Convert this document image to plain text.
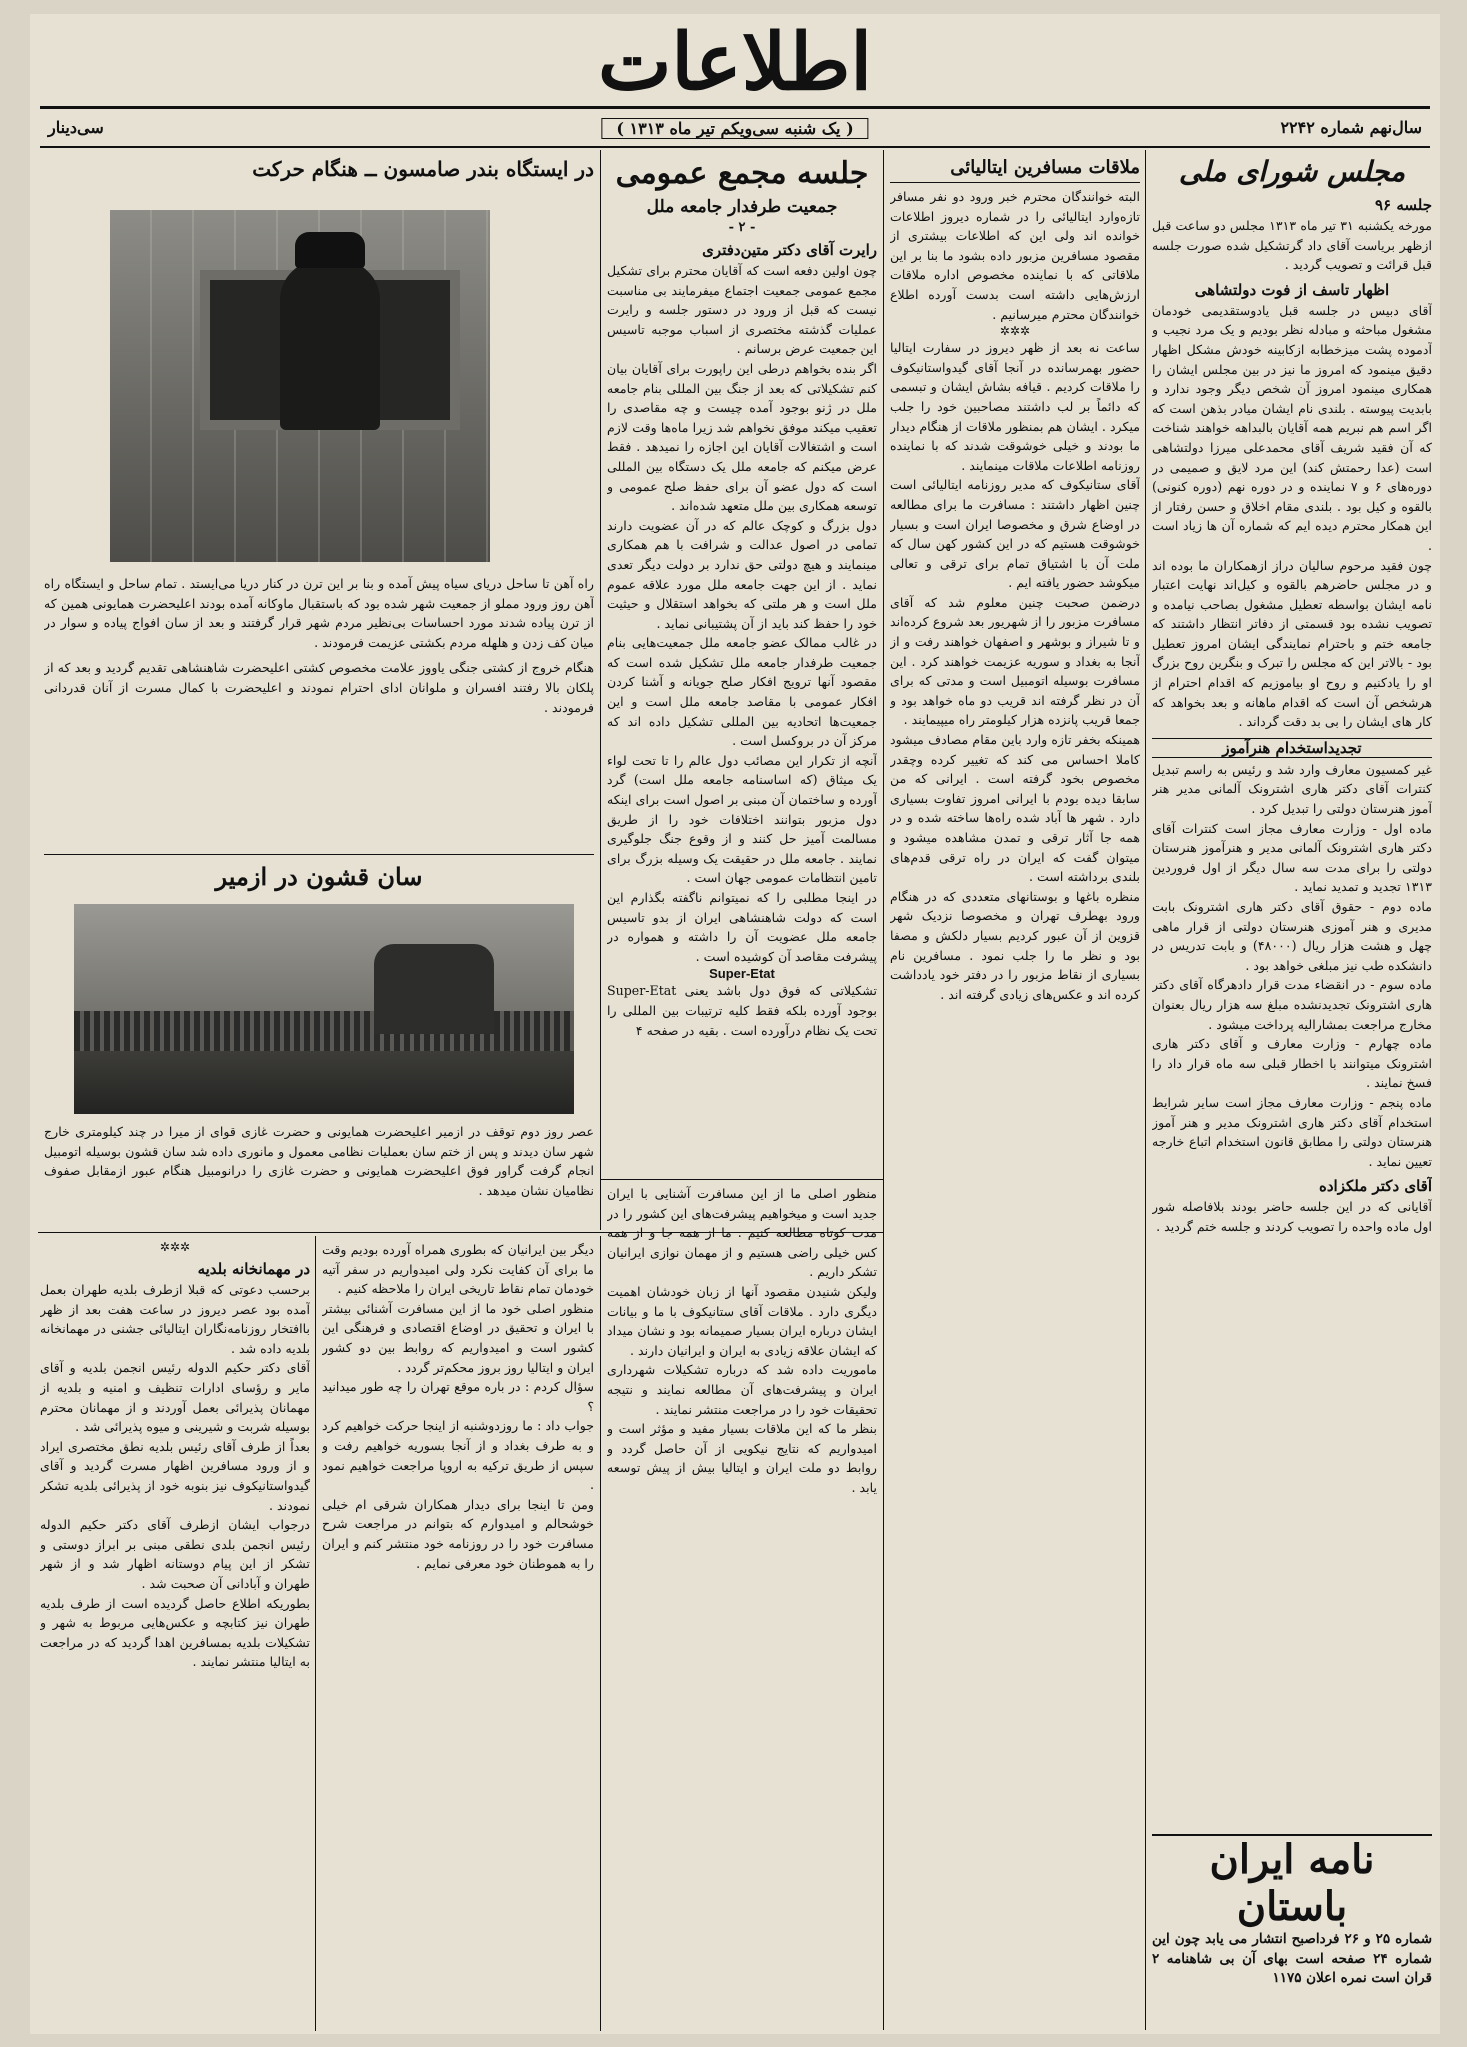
اطلاعات
سال‌نهم شماره ۲۲۴۲
( یک شنبه سی‌ویکم تیر ماه ۱۳۱۳ )
سی‌دینار
مجلس شورای ملی
جلسه ۹۶

مورخه یکشنبه ۳۱ تیر ماه ۱۳۱۳ مجلس دو ساعت قبل ازظهر بریاست آقای داد گرتشکیل شده صورت جلسه قبل قرائت و تصویب گردید .

اظهار تاسف از فوت دولتشاهی

آقای دبیس در جلسه قبل یادوستقدیمی خودمان مشغول مباحثه و مبادله نظر بودیم و یک مرد نجیب و آدموده پشت میزخطابه ازکابینه خودش مشکل اظهار دقیق مینمود که امروز ما نیز در بین مجلس ایشان را همکاری مینمود امروز آن شخص دیگر وجود ندارد و بابدیت پیوسته . بلندی نام ایشان میادر بذهن است که اگر اسم هم نبریم همه آقایان بالبداهه خواهند شناخت که آن فقید شریف آقای محمدعلی میرزا دولتشاهی است (عدا رحمتش کند) این مرد لایق و صمیمی در دوره‌های ۶ و ۷ نماینده و در دوره نهم (دوره کنونی) بالقوه و کیل بود . بلندی مقام اخلاق و حسن رفتار از این همکار محترم دیده ایم که شماره آن ها زیاد است .

چون فقید مرحوم سالیان دراز ازهمکاران ما بوده اند و در مجلس حاضرهم بالقوه و کیل‌اند نهایت اعتبار نامه ایشان بواسطه تعطیل مشغول بصاحب نیامده و تصویب نشده بود قسمتی از دفاتر انتظار داشتند که جامعه ختم و باحترام نمایندگی ایشان امروز تعطیل بود - بالاتر این که مجلس را تبرک و بنگرین روح بزرگ او را یادکنیم و روح او بیاموزیم که اقدام احترام از هرشخص آن است که اقدام ماهانه و بعد بخواهد که کار های ایشان را بی بد دقت گرداند .

تجدیداستخدام هنرآموز

غیر کمسیون معارف وارد شد و رئیس به راسم تبدیل کنترات آقای دکتر هاری اشترونک آلمانی مدیر هنر آموز هنرستان دولتی را تبدیل کرد .

ماده اول - وزارت معارف مجاز است کنترات آقای دکتر هاری اشترونک آلمانی مدیر و هنرآموز هنرستان دولتی را برای مدت سه سال دیگر از اول فروردین ۱۳۱۳ تجدید و تمدید نماید .

ماده دوم - حقوق آقای دکتر هاری اشترونک بابت مدیری و هنر آموزی هنرستان دولتی از قرار ماهی چهل و هشت هزار ریال (۴۸۰۰۰) و بابت تدریس در دانشکده طب نیز مبلغی خواهد بود .

ماده سوم - در انقضاء مدت قرار دادهرگاه آقای دکتر هاری اشترونک تجدیدنشده مبلغ سه هزار ریال بعنوان مخارج مراجعت بمشارالیه پرداخت میشود .

ماده چهارم - وزارت معارف و آقای دکتر هاری اشترونک میتوانند با اخطار قبلی سه ماه قرار داد را فسخ نمایند .

ماده پنجم - وزارت معارف مجاز است سایر شرایط استخدام آقای دکتر هاری اشترونک مدیر و هنر آموز هنرستان دولتی را مطابق قانون استخدام اتباع خارجه تعیین نماید .

آقای دکتر ملکزاده

آقایانی که در این جلسه حاضر بودند بلافاصله شور اول ماده واحده را تصویب کردند و جلسه ختم گردید .

نامه ایران باستان

شماره ۲۵ و ۲۶ فرداصبح انتشار می یابد چون این شماره ۲۴ صفحه است بهای آن بی شاهنامه ۲ قران است نمره اعلان ۱۱۷۵

ملاقات مسافرین ایتالیائی

البته خوانندگان محترم خبر ورود دو نفر مسافر تازه‌وارد ایتالیائی را در شماره دیروز اطلاعات خوانده اند ولی این که اطلاعات بیشتری از مقصود مسافرین مزبور داده بشود ما بنا بر این ملاقاتی که با نماینده مخصوص اداره ملاقات ارزش‌هایی داشته است بدست آورده اطلاع خوانندگان محترم میرسانیم .

✲✲✲

ساعت نه بعد از ظهر دیروز در سفارت ایتالیا حضور بهمرسانده در آنجا آقای گیدواستانیکوف را ملاقات کردیم . قیافه بشاش ایشان و تبسمی که دائماً بر لب داشتند مصاحبین خود را جلب میکرد . ایشان هم بمنظور ملاقات از هنگام دیدار ما بودند و خیلی خوشوقت شدند که با نماینده روزنامه اطلاعات ملاقات مینمایند .

آقای ستانیکوف که مدیر روزنامه ایتالیائی است چنین اظهار داشتند : مسافرت ما برای مطالعه در اوضاع شرق و مخصوصا ایران است و بسیار خوشوقت هستیم که در این کشور کهن سال که ملت آن با اشتیاق تمام برای ترقی و تعالی میکوشد حضور یافته ایم .

درضمن صحبت چنین معلوم شد که آقای مسافرت مزبور را از شهریور بعد شروع کرده‌اند و تا شیراز و بوشهر و اصفهان خواهند رفت و از آنجا به بغداد و سوریه عزیمت خواهند کرد . این مسافرت بوسیله اتومبیل است و مدتی که برای آن در نظر گرفته اند قریب دو ماه خواهد بود و جمعا قریب پانزده هزار کیلومتر راه میپیمایند .

همینکه بخفر تازه وارد باین مقام مصادف میشود کاملا احساس می کند که تغییر کرده وچقدر مخصوص بخود گرفته است . ایرانی که من سابقا دیده بودم با ایرانی امروز تفاوت بسیاری دارد . شهر ها آباد شده راه‌ها ساخته شده و در همه جا آثار ترقی و تمدن مشاهده میشود و میتوان گفت که ایران در راه ترقی قدم‌های بلندی برداشته است .

منظره باغها و بوستانهای متعددی که در هنگام ورود بهطرف تهران و مخصوصا نزدیک شهر قزوین از آن عبور کردیم بسیار دلکش و مصفا بود و نظر ما را جلب نمود . مسافرین نام بسیاری از نقاط مزبور را در دفتر خود یادداشت کرده اند و عکس‌های زیادی گرفته اند .

جلسه مجمع عمومی
جمعیت طرفدار جامعه ملل
- ۲ -
رایرت آقای دکتر متین‌دفتری

چون اولین دفعه است که آقایان محترم برای تشکیل مجمع عمومی جمعیت اجتماع میفرمایند بی مناسبت نیست که قبل از ورود در دستور جلسه و رایرت عملیات گذشته مختصری از اسباب موجبه تاسیس این جمعیت عرض برسانم .

اگر بنده بخواهم درطی این راپورت برای آقایان بیان کنم تشکیلاتی که بعد از جنگ بین المللی بنام جامعه ملل در ژنو بوجود آمده چیست و چه مقاصدی را تعقیب میکند موفق نخواهم شد زیرا ماه‌ها وقت لازم است و اشتغالات آقایان این اجازه را نمیدهد . فقط عرض میکنم که جامعه ملل یک دستگاه بین المللی است که دول عضو آن برای حفظ صلح عمومی و توسعه همکاری بین ملل متعهد شده‌اند .

دول بزرگ و کوچک عالم که در آن عضویت دارند تمامی در اصول عدالت و شرافت با هم همکاری مینمایند و هیچ دولتی حق ندارد بر دولت دیگر تعدی نماید . از این جهت جامعه ملل مورد علاقه عموم ملل است و هر ملتی که بخواهد استقلال و حیثیت خود را حفظ کند باید از آن پشتیبانی نماید .

در غالب ممالک عضو جامعه ملل جمعیت‌هایی بنام جمعیت طرفدار جامعه ملل تشکیل شده است که مقصود آنها ترویج افکار صلح جویانه و آشنا کردن افکار عمومی با مقاصد جامعه ملل است و این جمعیت‌ها اتحادیه بین المللی تشکیل داده اند که مرکز آن در بروکسل است .

آنچه از تکرار این مصائب دول عالم را تا تحت لواء یک میثاق (که اساسنامه جامعه ملل است) گرد آورده و ساختمان آن مبنی بر اصول است برای اینکه دول مزبور بتوانند اختلافات خود را از طریق مسالمت آمیز حل کنند و از وقوع جنگ جلوگیری نمایند . جامعه ملل در حقیقت یک وسیله بزرگ برای تامین انتظامات عمومی جهان است .

در اینجا مطلبی را که نمیتوانم ناگفته بگذارم این است که دولت شاهنشاهی ایران از بدو تاسیس جامعه ملل عضویت آن را داشته و همواره در پیشرفت مقاصد آن کوشیده است .

Super-Etat

تشکیلاتی که فوق دول باشد یعنی Super-Etat بوجود آورده بلکه فقط کلیه ترتیبات بین المللی را تحت یک نظام درآورده است . بقیه در صفحه ۴

در ایستگاه بندر صامسون ــ هنگام حرکت

راه آهن تا ساحل دریای سیاه پیش آمده و بنا بر این ترن در کنار دریا می‌ایستد . تمام ساحل و ایستگاه راه آهن روز ورود مملو از جمعیت شهر شده بود که باستقبال ماوکانه آمده بودند اعلیحضرت همایونی همین که از ترن پیاده شدند مورد احساسات بی‌نظیر مردم شهر قرار گرفتند و بعد از سان افواج پیاده و سوار در میان کف زدن و هلهله مردم بکشتی عزیمت فرمودند .

هنگام خروج از کشتی جنگی یاووز علامت مخصوص کشتی اعلیحضرت شاهنشاهی تقدیم گردید و بعد که از پلکان بالا رفتند افسران و ملوانان ادای احترام نمودند و اعلیحضرت با کمال مسرت از آنان قدردانی فرمودند .

سان قشون در ازمیر

عصر روز دوم توقف در ازمیر اعلیحضرت همایونی و حضرت غازی قوای از میرا در چند کیلومتری خارج شهر سان دیدند و پس از ختم سان بعملیات نظامی معمول و مانوری داده شد سان قشون بوسیله اتومبیل انجام گرفت گراور فوق اعلیحضرت همایونی و حضرت غازی را درانومبیل هنگام عبور ازمقابل صفوف نظامیان نشان میدهد . منظور اصلی ما از این مسافرت آشنایی با ایران جدید است و میخواهیم پیشرفت‌های این کشور را در مدت کوتاه مطالعه کنیم . ما از همه جا و از همه کس خیلی راضی هستیم و از مهمان نوازی ایرانیان تشکر داریم .

ولیکن شنیدن مقصود آنها از زبان خودشان اهمیت دیگری دارد . ملاقات آقای ستانیکوف با ما و بیانات ایشان درباره ایران بسیار صمیمانه بود و نشان میداد که ایشان علاقه زیادی به ایران و ایرانیان دارند .

ماموریت داده شد که درباره تشکیلات شهرداری ایران و پیشرفت‌های آن مطالعه نمایند و نتیجه تحقیقات خود را در مراجعت منتشر نمایند .

بنظر ما که این ملاقات بسیار مفید و مؤثر است و امیدواریم که نتایج نیکویی از آن حاصل گردد و روابط دو ملت ایران و ایتالیا بیش از پیش توسعه یابد .

دیگر بین ایرانیان که بطوری همراه آورده بودیم وقت ما برای آن کفایت نکرد ولی امیدواریم در سفر آتیه خودمان تمام نقاط تاریخی ایران را ملاحظه کنیم .

منظور اصلی خود ما از این مسافرت آشنائی بیشتر با ایران و تحقیق در اوضاع اقتصادی و فرهنگی این کشور است و امیدواریم که روابط بین دو کشور ایران و ایتالیا روز بروز محکم‌تر گردد .

سؤال کردم : در باره موقع تهران را چه طور میدانید ؟

جواب داد : ما روزدوشنبه از اینجا حرکت خواهیم کرد و به طرف بغداد و از آنجا بسوریه خواهیم رفت و سپس از طریق ترکیه به اروپا مراجعت خواهیم نمود .

ومن تا اینجا برای دیدار همکاران شرقی ام خیلی خوشحالم و امیدوارم که بتوانم در مراجعت شرح مسافرت خود را در روزنامه خود منتشر کنم و ایران را به هموطنان خود معرفی نمایم .

✲✲✲
در مهمانخانه بلدیه

برحسب دعوتی که قبلا ازطرف بلدیه طهران بعمل آمده بود عصر دیروز در ساعت هفت بعد از ظهر باافتخار روزنامه‌نگاران ایتالیائی جشنی در مهمانخانه بلدیه داده شد .

آقای دکتر حکیم الدوله رئیس انجمن بلدیه و آقای مایر و رؤسای ادارات تنظیف و امنیه و بلدیه از مهمانان پذیرائی بعمل آوردند و از مهمانان محترم بوسیله شربت و شیرینی و میوه پذیرائی شد .

بعداً از طرف آقای رئیس بلدیه نطق مختصری ایراد و از ورود مسافرین اظهار مسرت گردید و آقای گیدواستانیکوف نیز بنوبه خود از پذیرائی بلدیه تشکر نمودند .

درجواب ایشان ازطرف آقای دکتر حکیم الدوله رئیس انجمن بلدی نطقی مبنی بر ابراز دوستی و تشکر از این پیام دوستانه اظهار شد و از شهر طهران و آبادانی آن صحبت شد .

بطوریکه اطلاع حاصل گردیده است از طرف بلدیه طهران نیز کتابچه و عکس‌هایی مربوط به شهر و تشکیلات بلدیه بمسافرین اهدا گردید که در مراجعت به ایتالیا منتشر نمایند .
